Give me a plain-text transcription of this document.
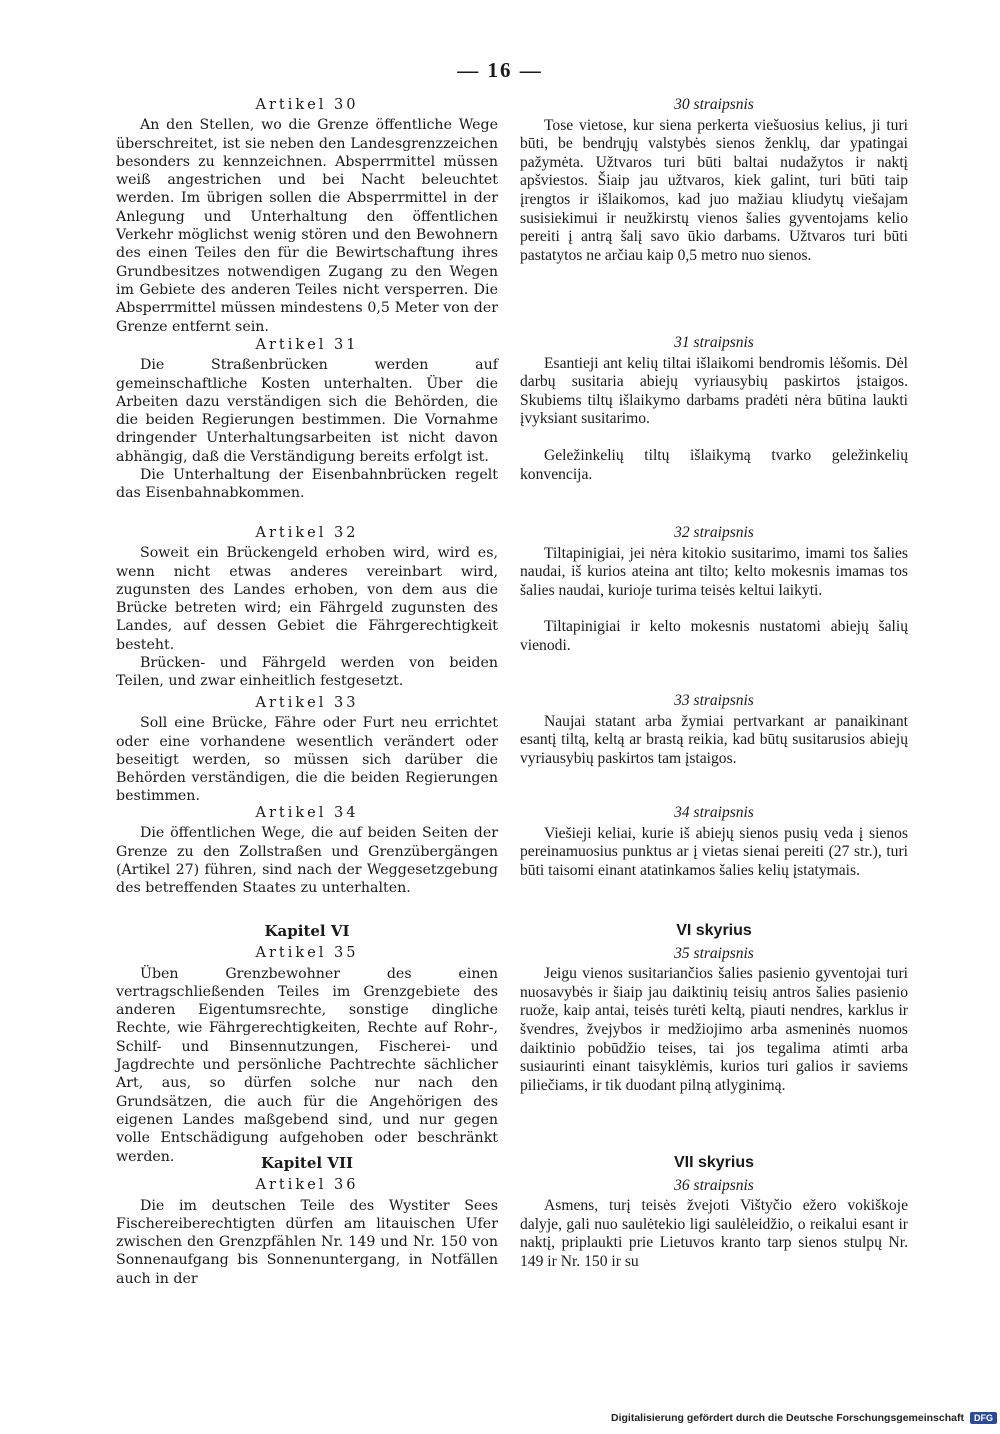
— 16 —
Artikel 30

An den Stellen, wo die Grenze öffentliche Wege überschreitet, ist sie neben den Landesgrenzzeichen besonders zu kennzeichnen. Absperrmittel müssen weiß angestrichen und bei Nacht beleuchtet werden. Im übrigen sollen die Absperrmittel in der Anlegung und Unterhaltung den öffentlichen Verkehr möglichst wenig stören und den Bewohnern des einen Teiles den für die Bewirtschaftung ihres Grundbesitzes notwendigen Zugang zu den Wegen im Gebiete des anderen Teiles nicht versperren. Die Absperrmittel müssen mindestens 0,5 Meter von der Grenze entfernt sein.

Artikel 31

Die Straßenbrücken werden auf gemeinschaftliche Kosten unterhalten. Über die Arbeiten dazu verständigen sich die Behörden, die die beiden Regierungen bestimmen. Die Vornahme dringender Unterhaltungsarbeiten ist nicht davon abhängig, daß die Verständigung bereits erfolgt ist.

Die Unterhaltung der Eisenbahnbrücken regelt das Eisenbahnabkommen.

Artikel 32

Soweit ein Brückengeld erhoben wird, wird es, wenn nicht etwas anderes vereinbart wird, zugunsten des Landes erhoben, von dem aus die Brücke betreten wird; ein Fährgeld zugunsten des Landes, auf dessen Gebiet die Fährgerechtigkeit besteht.

Brücken- und Fährgeld werden von beiden Teilen, und zwar einheitlich festgesetzt.

Artikel 33

Soll eine Brücke, Fähre oder Furt neu errichtet oder eine vorhandene wesentlich verändert oder beseitigt werden, so müssen sich darüber die Behörden verständigen, die die beiden Regierungen bestimmen.

Artikel 34

Die öffentlichen Wege, die auf beiden Seiten der Grenze zu den Zollstraßen und Grenzübergängen (Artikel 27) führen, sind nach der Weggesetzgebung des betreffenden Staates zu unterhalten.

Kapitel VI
Artikel 35

Üben Grenzbewohner des einen vertragschließenden Teiles im Grenzgebiete des anderen Eigentumsrechte, sonstige dingliche Rechte, wie Fährgerechtigkeiten, Rechte auf Rohr-, Schilf- und Binsennutzungen, Fischerei- und Jagdrechte und persönliche Pachtrechte sächlicher Art, aus, so dürfen solche nur nach den Grundsätzen, die auch für die Angehörigen des eigenen Landes maßgebend sind, und nur gegen volle Entschädigung aufgehoben oder beschränkt werden.	Kapitel VII
Artikel 36

Die im deutschen Teile des Wystiter Sees Fischereiberechtigten dürfen am litauischen Ufer zwischen den Grenzpfählen Nr. 149 und Nr. 150 von Sonnenaufgang bis Sonnenuntergang, in Notfällen auch in der

30 straipsnis

Tose vietose, kur siena perkerta viešuosius kelius, ji turi būti, be bendrųjų valstybės sienos ženklų, dar ypatingai pažymėta. Užtvaros turi būti baltai nudažytos ir naktį apšviestos. Šiaip jau užtvaros, kiek galint, turi būti taip įrengtos ir išlaikomos, kad juo mažiau kliudytų viešajam susisiekimui ir neužkirstų vienos šalies gyventojams kelio pereiti į antrą šalį savo ūkio darbams. Užtvaros turi būti pastatytos ne arčiau kaip 0,5 metro nuo sienos.

31 straipsnis

Esantieji ant kelių tiltai išlaikomi bendromis lėšomis. Dėl darbų susitaria abiejų vyriausybių paskirtos įstaigos. Skubiems tiltų išlaikymo darbams pradėti nėra būtina laukti įvyksiant susitarimo.

Geležinkelių tiltų išlaikymą tvarko geležinkelių konvencija.

32 straipsnis

Tiltapinigiai, jei nėra kitokio susitarimo, imami tos šalies naudai, iš kurios ateina ant tilto; kelto mokesnis imamas tos šalies naudai, kurioje turima teisės keltui laikyti.

Tiltapinigiai ir kelto mokesnis nustatomi abiejų šalių vienodi.

33 straipsnis

Naujai statant arba žymiai pertvarkant ar panaikinant esantį tiltą, keltą ar brastą reikia, kad būtų susitarusios abiejų vyriausybių paskirtos tam įstaigos.

34 straipsnis

Viešieji keliai, kurie iš abiejų sienos pusių veda į sienos pereinamuosius punktus ar į vietas sienai pereiti (27 str.), turi būti taisomi einant atatinkamos šalies kelių įstatymais.

VI skyrius
35 straipsnis

Jeigu vienos susitariančios šalies pasienio gyventojai turi nuosavybės ir šiaip jau daiktinių teisių antros šalies pasienio ruože, kaip antai, teisės turėti keltą, piauti nendres, karklus ir švendres, žvejybos ir medžiojimo arba asmeninės nuomos daiktinio pobūdžio teises, tai jos tegalima atimti arba susiaurinti einant taisyklėmis, kurios turi galios ir saviems piliečiams, ir tik duodant pilną atlyginimą.

VII skyrius
36 straipsnis

Asmens, turį teisės žvejoti Vištyčio ežero vokiškoje dalyje, gali nuo saulėtekio ligi saulėleidžio, o reikalui esant ir naktį, priplaukti prie Lietuvos kranto tarp sienos stulpų Nr. 149 ir Nr. 150 ir su

Digitalisierung gefördert durch die Deutsche Forschungsgemeinschaft	DFG
